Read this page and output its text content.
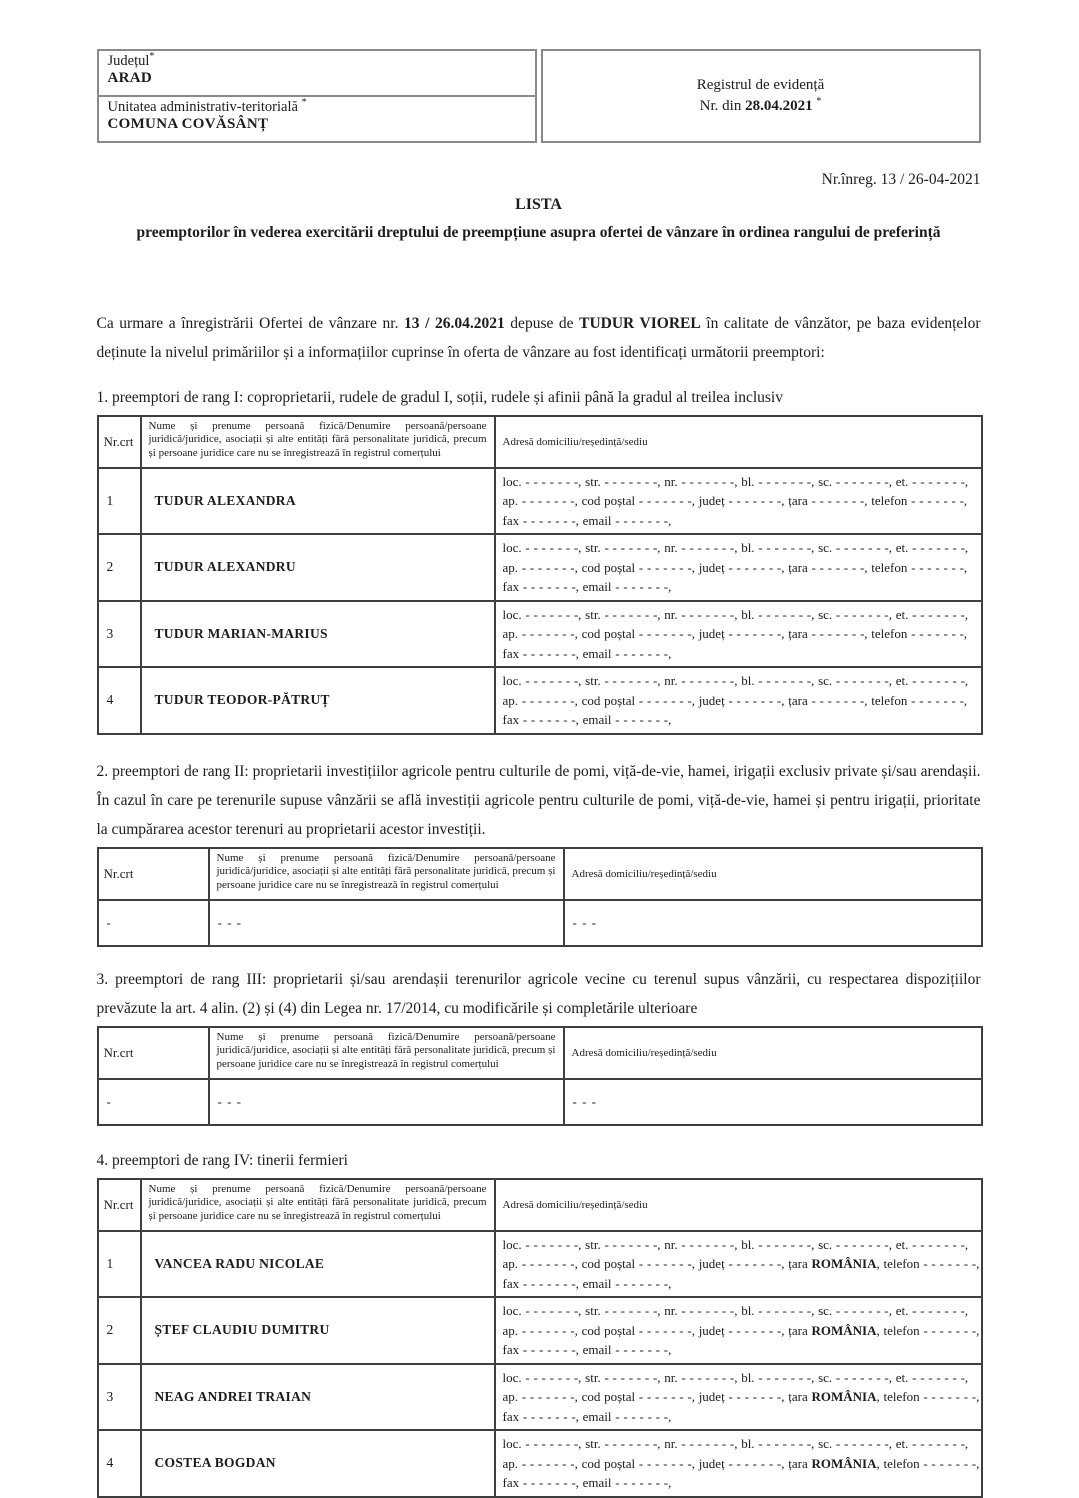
Județul*
ARAD
Unitatea administrativ-teritorială *
COMUNA COVĂSÂNȚ
Registrul de evidență
Nr. din 28.04.2021 *
Nr.înreg. 13 / 26-04-2021
LISTA
preemptorilor în vederea exercitării dreptului de preempțiune asupra ofertei de vânzare în ordinea rangului de preferință

Ca urmare a înregistrării Ofertei de vânzare nr. 13 / 26.04.2021 depuse de TUDUR VIOREL în calitate de vânzător, pe baza evidențelor deținute la nivelul primăriilor și a informațiilor cuprinse în oferta de vânzare au fost identificați următorii preemptori:

1. preemptori de rang I: coproprietarii, rudele de gradul I, soții, rudele și afinii până la gradul al treilea inclusiv

Nr.crt	Nume și prenume persoană fizică/Denumire persoană/persoane juridică/juridice, asociații și alte entități fără personalitate juridică, precum și persoane juridice care nu se înregistrează în registrul comerțului	Adresă domiciliu/reședință/sediu
1	TUDUR ALEXANDRA	loc. - - - - - - -, str. - - - - - - -, nr. - - - - - - -, bl. - - - - - - -, sc. - - - - - - -, et. - - - - - - -,
ap. - - - - - - -, cod poștal - - - - - - -, județ - - - - - - -, țara - - - - - - -, telefon - - - - - - -,
fax - - - - - - -, email - - - - - - -,

2	TUDUR ALEXANDRU	loc. - - - - - - -, str. - - - - - - -, nr. - - - - - - -, bl. - - - - - - -, sc. - - - - - - -, et. - - - - - - -,
ap. - - - - - - -, cod poștal - - - - - - -, județ - - - - - - -, țara - - - - - - -, telefon - - - - - - -,
fax - - - - - - -, email - - - - - - -,

3	TUDUR MARIAN-MARIUS	loc. - - - - - - -, str. - - - - - - -, nr. - - - - - - -, bl. - - - - - - -, sc. - - - - - - -, et. - - - - - - -,
ap. - - - - - - -, cod poștal - - - - - - -, județ - - - - - - -, țara - - - - - - -, telefon - - - - - - -,
fax - - - - - - -, email - - - - - - -,

4	TUDUR TEODOR-PĂTRUȚ	loc. - - - - - - -, str. - - - - - - -, nr. - - - - - - -, bl. - - - - - - -, sc. - - - - - - -, et. - - - - - - -,
ap. - - - - - - -, cod poștal - - - - - - -, județ - - - - - - -, țara - - - - - - -, telefon - - - - - - -,
fax - - - - - - -, email - - - - - - -,

2. preemptori de rang II: proprietarii investițiilor agricole pentru culturile de pomi, viță-de-vie, hamei, irigații exclusiv private și/sau arendașii. În cazul în care pe terenurile supuse vânzării se află investiții agricole pentru culturile de pomi, viță-de-vie, hamei și pentru irigații, prioritate la cumpărarea acestor terenuri au proprietarii acestor investiții.

Nr.crt	Nume și prenume persoană fizică/Denumire persoană/persoane juridică/juridice, asociații și alte entități fără personalitate juridică, precum și persoane juridice care nu se înregistrează în registrul comerțului	Adresă domiciliu/reședință/sediu
-	- - -	- - -

3. preemptori de rang III: proprietarii și/sau arendașii terenurilor agricole vecine cu terenul supus vânzării, cu respectarea dispozițiilor prevăzute la art. 4 alin. (2) și (4) din Legea nr. 17/2014, cu modificările și completările ulterioare

Nr.crt	Nume și prenume persoană fizică/Denumire persoană/persoane juridică/juridice, asociații și alte entități fără personalitate juridică, precum și persoane juridice care nu se înregistrează în registrul comerțului	Adresă domiciliu/reședință/sediu
-	- - -	- - -

4. preemptori de rang IV: tinerii fermieri

Nr.crt	Nume și prenume persoană fizică/Denumire persoană/persoane juridică/juridice, asociații și alte entități fără personalitate juridică, precum și persoane juridice care nu se înregistrează în registrul comerțului	Adresă domiciliu/reședință/sediu
1	VANCEA RADU NICOLAE	loc. - - - - - - -, str. - - - - - - -, nr. - - - - - - -, bl. - - - - - - -, sc. - - - - - - -, et. - - - - - - -,
ap. - - - - - - -, cod poștal - - - - - - -, județ - - - - - - -, țara ROMÂNIA, telefon - - - - - - -,
fax - - - - - - -, email - - - - - - -,

2	ȘTEF CLAUDIU DUMITRU	loc. - - - - - - -, str. - - - - - - -, nr. - - - - - - -, bl. - - - - - - -, sc. - - - - - - -, et. - - - - - - -,
ap. - - - - - - -, cod poștal - - - - - - -, județ - - - - - - -, țara ROMÂNIA, telefon - - - - - - -,
fax - - - - - - -, email - - - - - - -,

3	NEAG ANDREI TRAIAN	loc. - - - - - - -, str. - - - - - - -, nr. - - - - - - -, bl. - - - - - - -, sc. - - - - - - -, et. - - - - - - -,
ap. - - - - - - -, cod poștal - - - - - - -, județ - - - - - - -, țara ROMÂNIA, telefon - - - - - - -,
fax - - - - - - -, email - - - - - - -,

4	COSTEA BOGDAN	loc. - - - - - - -, str. - - - - - - -, nr. - - - - - - -, bl. - - - - - - -, sc. - - - - - - -, et. - - - - - - -,
ap. - - - - - - -, cod poștal - - - - - - -, județ - - - - - - -, țara ROMÂNIA, telefon - - - - - - -,
fax - - - - - - -, email - - - - - - -,
